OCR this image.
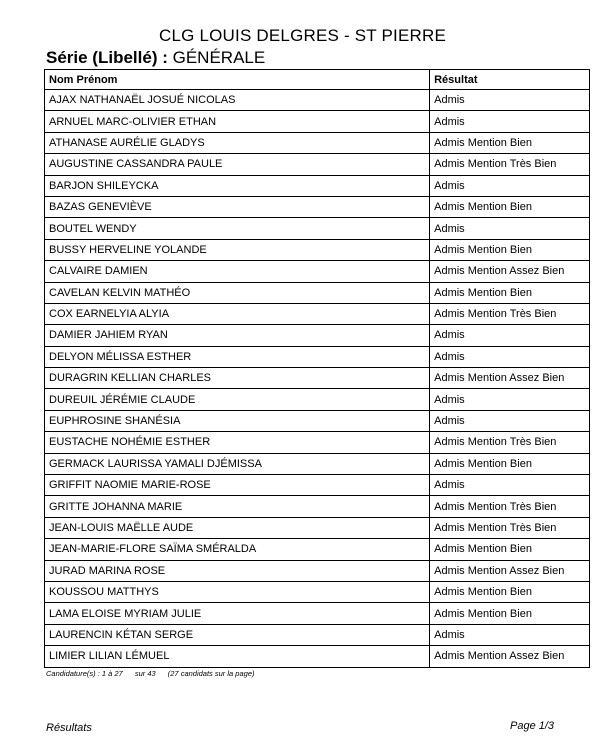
CLG LOUIS DELGRES - ST PIERRE
Série (Libellé) : GÉNÉRALE
Nom Prénom	Résultat
AJAX NATHANAËL JOSUÉ NICOLAS	Admis
ARNUEL MARC-OLIVIER ETHAN	Admis
ATHANASE AURÉLIE GLADYS	Admis Mention Bien
AUGUSTINE CASSANDRA PAULE	Admis Mention Très Bien
BARJON SHILEYCKA	Admis
BAZAS GENEVIÈVE	Admis Mention Bien
BOUTEL WENDY	Admis
BUSSY HERVELINE YOLANDE	Admis Mention Bien
CALVAIRE DAMIEN	Admis Mention Assez Bien
CAVELAN KELVIN MATHÉO	Admis Mention Bien
COX EARNELYIA ALYIA	Admis Mention Très Bien
DAMIER JAHIEM RYAN	Admis
DELYON MÉLISSA ESTHER	Admis
DURAGRIN KELLIAN CHARLES	Admis Mention Assez Bien
DUREUIL JÉRÉMIE CLAUDE	Admis
EUPHROSINE SHANÉSIA	Admis
EUSTACHE NOHÉMIE ESTHER	Admis Mention Très Bien
GERMACK LAURISSA YAMALI DJÉMISSA	Admis Mention Bien
GRIFFIT NAOMIE MARIE-ROSE	Admis
GRITTE JOHANNA MARIE	Admis Mention Très Bien
JEAN-LOUIS MAËLLE AUDE	Admis Mention Très Bien
JEAN-MARIE-FLORE SAÏMA SMÉRALDA	Admis Mention Bien
JURAD MARINA ROSE	Admis Mention Assez Bien
KOUSSOU MATTHYS	Admis Mention Bien
LAMA ELOISE MYRIAM JULIE	Admis Mention Bien
LAURENCIN KÉTAN SERGE	Admis
LIMIER LILIAN LÉMUEL	Admis Mention Assez Bien
Candidature(s) : 1 à 27 sur 43 (27 candidats sur la page)
Résultats	Page 1/3
